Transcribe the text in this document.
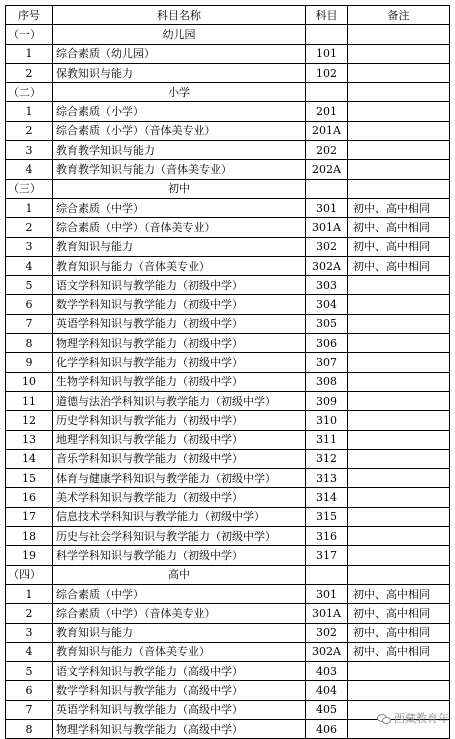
序号	科目名称	科目	备注
（一）	幼儿园		
1	综合素质（幼儿园）	101	
2	保教知识与能力	102	
（二）	小学		
1	综合素质（小学）	201	
2	综合素质（小学）（音体美专业）	201A	
3	教育教学知识与能力	202	
4	教育教学知识与能力（音体美专业）	202A	
（三）	初中		
1	综合素质（中学）	301	初中、高中相同
2	综合素质（中学）（音体美专业）	301A	初中、高中相同
3	教育知识与能力	302	初中、高中相同
4	教育知识与能力（音体美专业）	302A	初中、高中相同
5	语文学科知识与教学能力（初级中学）	303	
6	数学学科知识与教学能力（初级中学）	304	
7	英语学科知识与教学能力（初级中学）	305	
8	物理学科知识与教学能力（初级中学）	306	
9	化学学科知识与教学能力（初级中学）	307	
10	生物学科知识与教学能力（初级中学）	308	
11	道德与法治学科知识与教学能力（初级中学）	309	
12	历史学科知识与教学能力（初级中学）	310	
13	地理学科知识与教学能力（初级中学）	311	
14	音乐学科知识与教学能力（初级中学）	312	
15	体育与健康学科知识与教学能力（初级中学）	313	
16	美术学科知识与教学能力（初级中学）	314	
17	信息技术学科知识与教学能力（初级中学）	315	
18	历史与社会学科知识与教学能力（初级中学）	316	
19	科学学科知识与教学能力（初级中学）	317	
（四）	高中		
1	综合素质（中学）	301	初中、高中相同
2	综合素质（中学）（音体美专业）	301A	初中、高中相同
3	教育知识与能力	302	初中、高中相同
4	教育知识与能力（音体美专业）	302A	初中、高中相同
5	语文学科知识与教学能力（高级中学）	403	
6	数学学科知识与教学能力（高级中学）	404	
7	英语学科知识与教学能力（高级中学）	405	
8	物理学科知识与教学能力（高级中学）	406	
西藏教育年
